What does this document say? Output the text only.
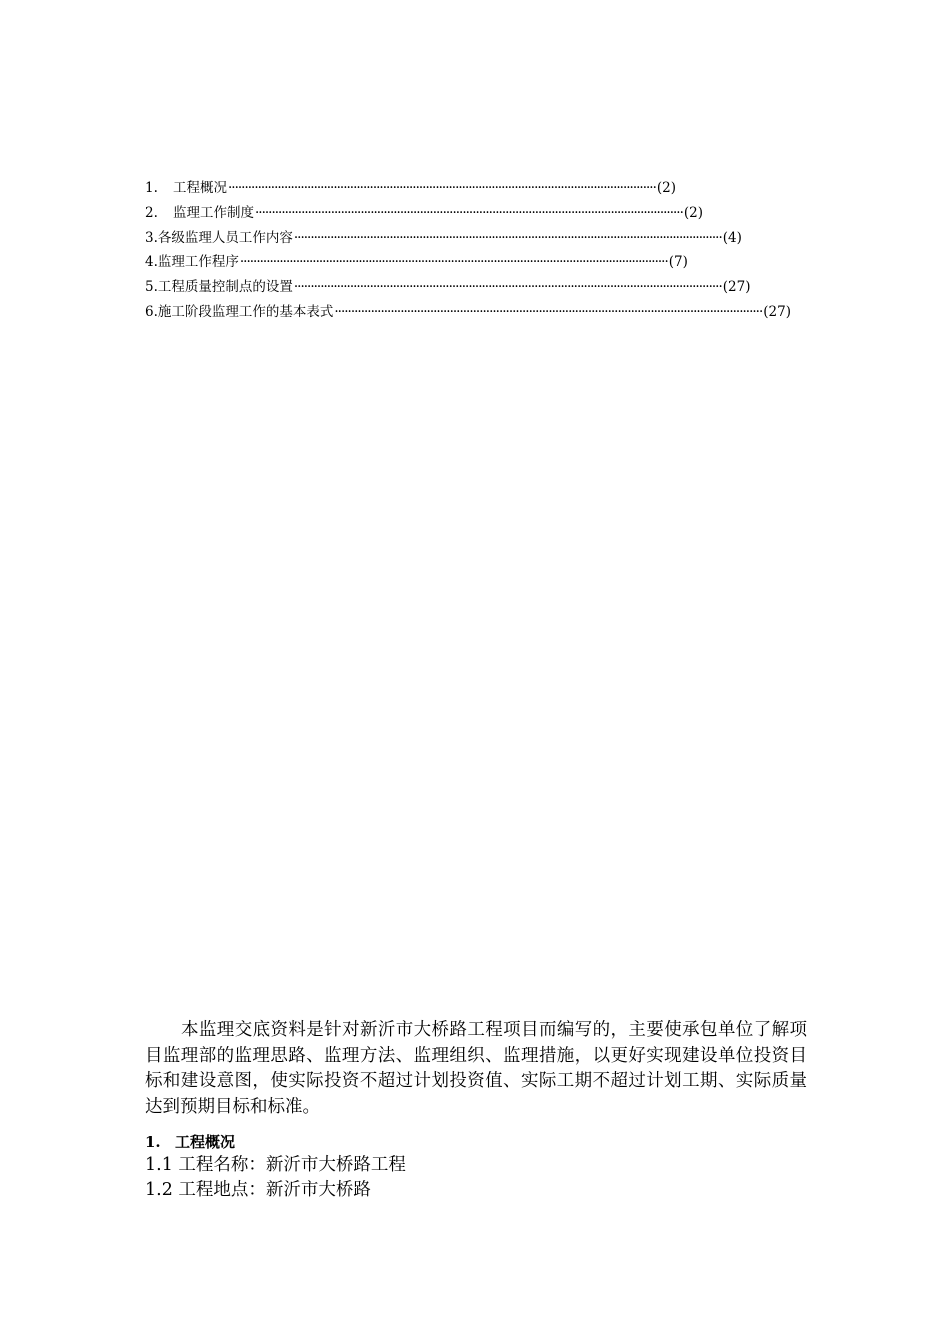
1.	工程概况 ·································································································································· (2)
2.	监理工作制度 ·································································································································· (2)
3. 各级监理人员工作内容 ·································································································································· (4)
4. 监理工作程序 ·································································································································· (7)
5. 工程质量控制点的设置 ·································································································································· (27)
6. 施工阶段监理工作的基本表式 ·································································································································· (27)

本监理交底资料是针对新沂市大桥路工程项目而编写的，主要使承包单位了解项目监理部的监理思路、监理方法、监理组织、监理措施，以更好实现建设单位投资目标和建设意图，使实际投资不超过计划投资值、实际工期不超过计划工期、实际质量达到预期目标和标准。

1. 工程概况

1.1 工程名称：新沂市大桥路工程

1.2 工程地点：新沂市大桥路
